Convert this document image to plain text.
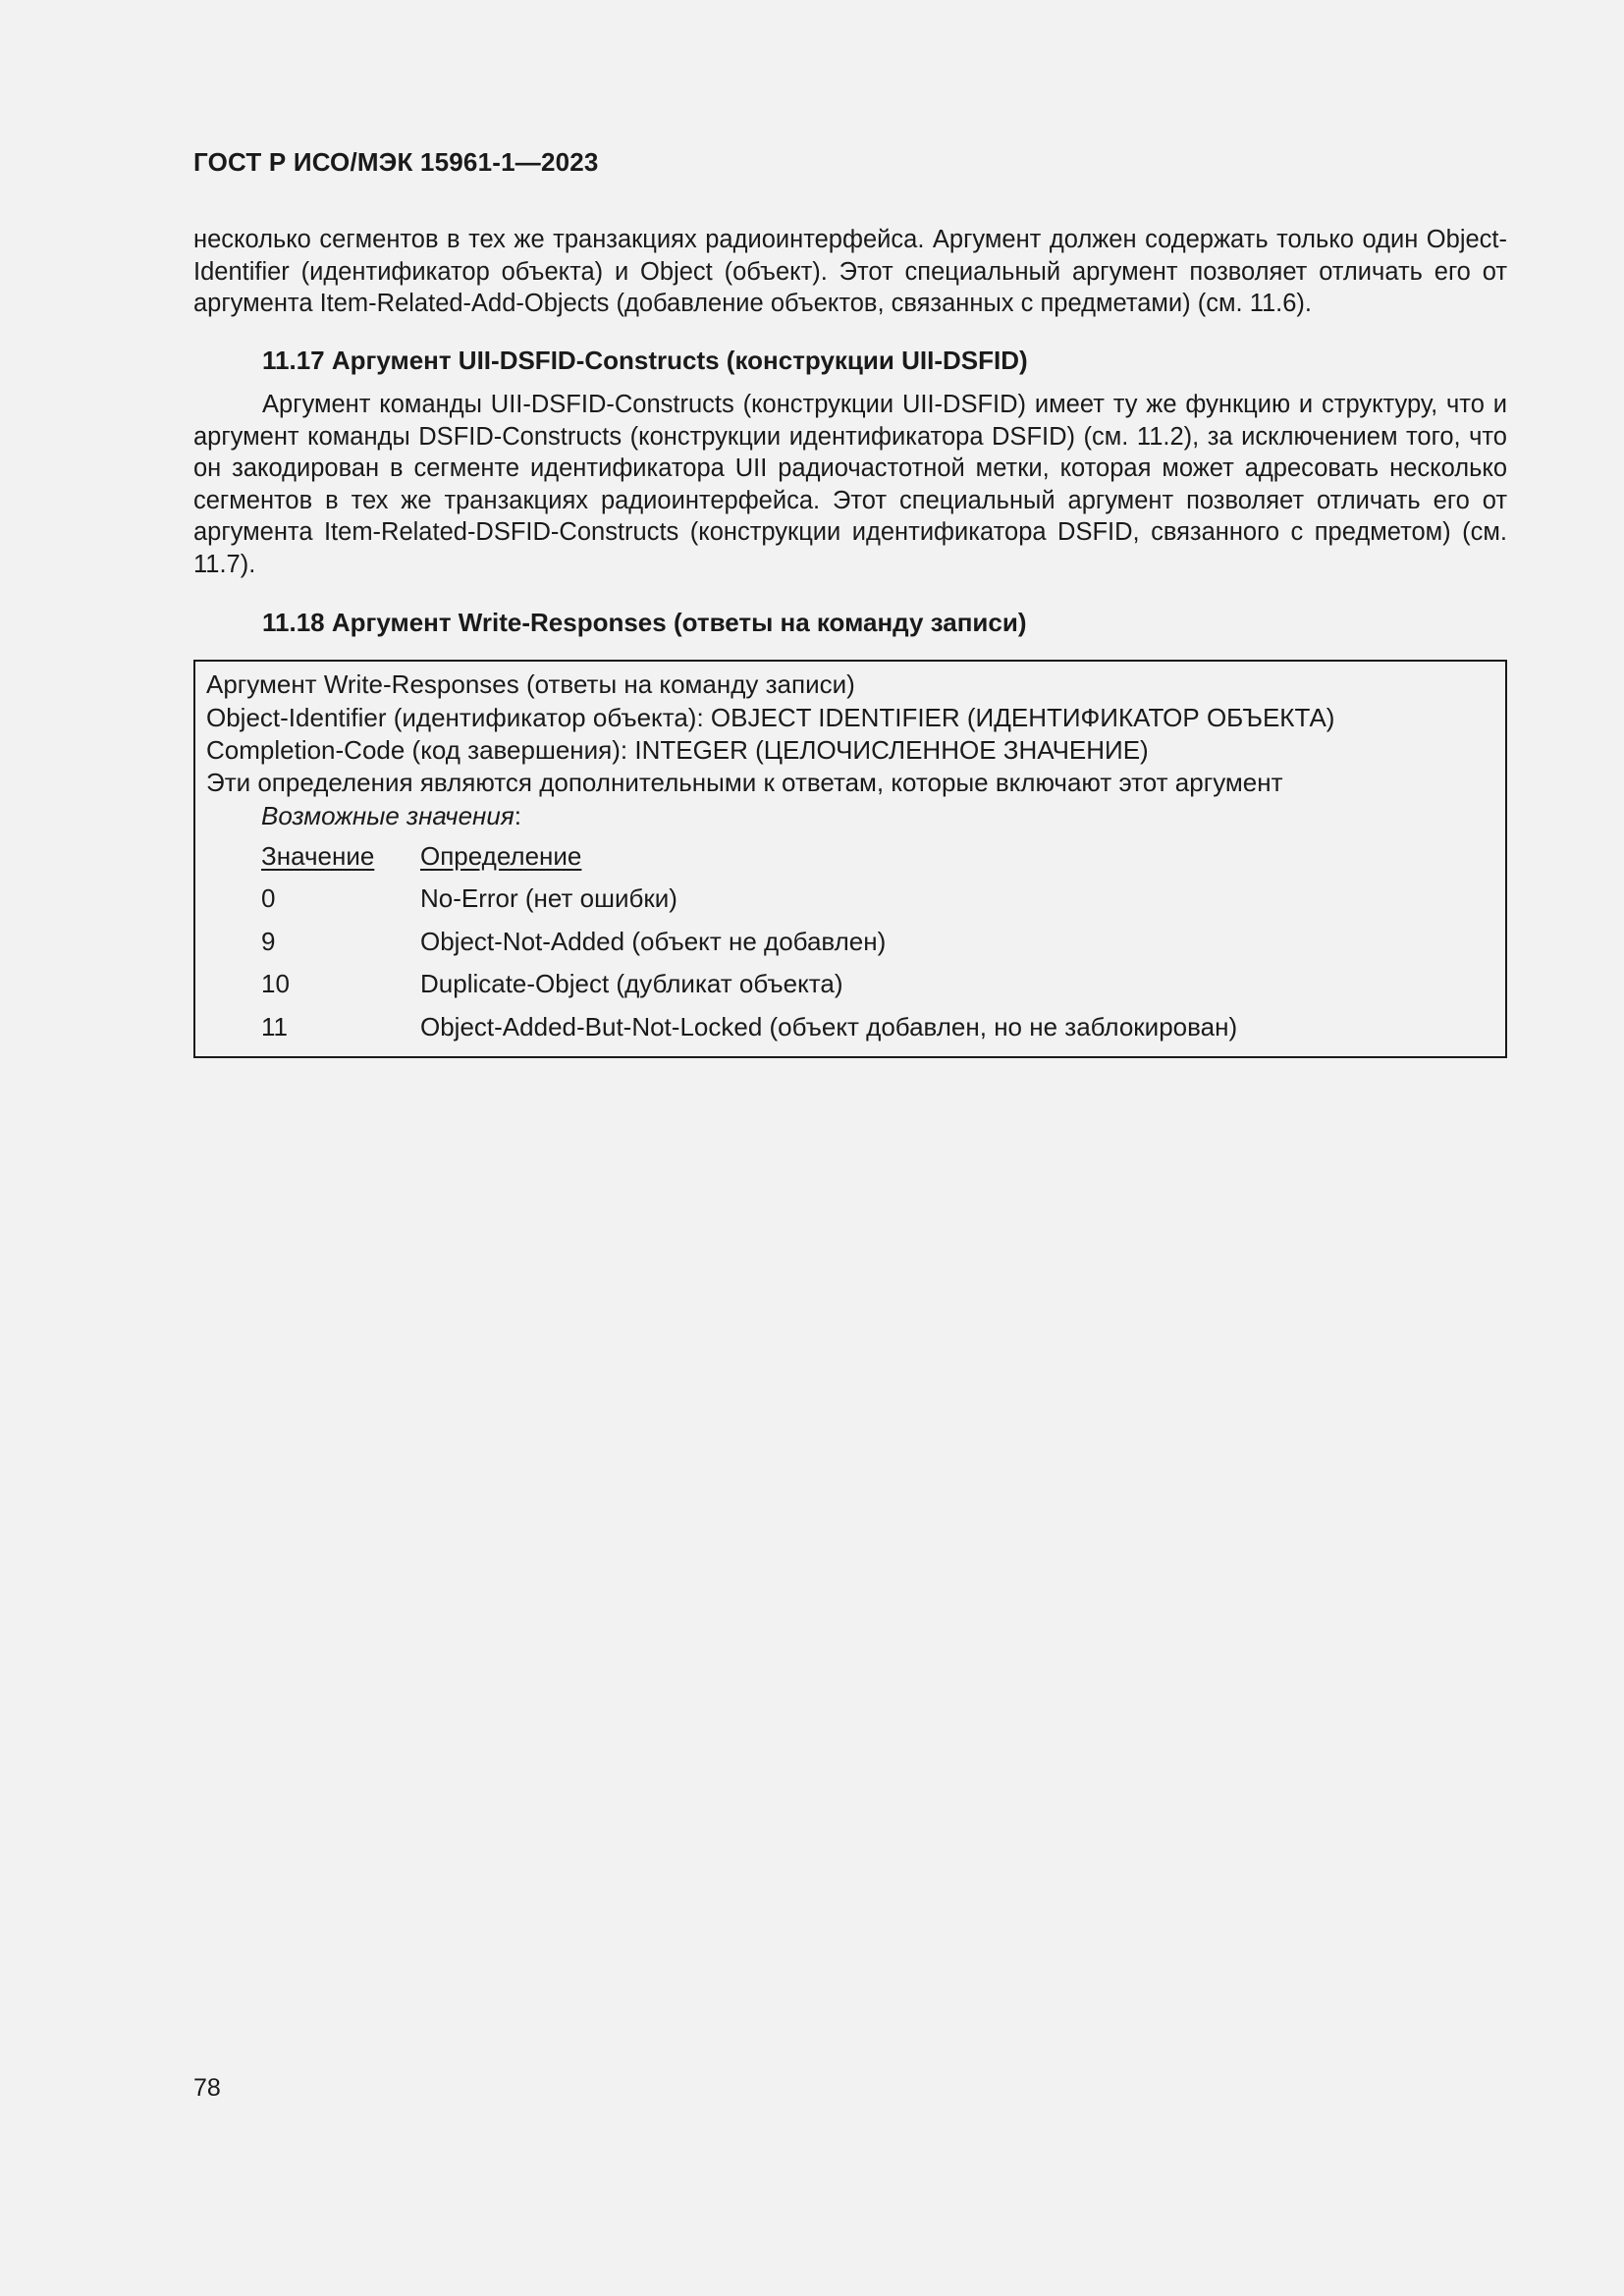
ГОСТ Р ИСО/МЭК 15961-1—2023

несколько сегментов в тех же транзакциях радиоинтерфейса. Аргумент должен содержать только один Object-Identifier (идентификатор объекта) и Object (объект). Этот специальный аргумент позволяет отличать его от аргумента Item-Related-Add-Objects (добавление объектов, связанных с предметами) (см. 11.6).

11.17 Аргумент UII-DSFID-Constructs (конструкции UII-DSFID)

Аргумент команды UII-DSFID-Constructs (конструкции UII-DSFID) имеет ту же функцию и структуру, что и аргумент команды DSFID-Constructs (конструкции идентификатора DSFID) (см. 11.2), за исключением того, что он закодирован в сегменте идентификатора UII радиочастотной метки, которая может адресовать несколько сегментов в тех же транзакциях радиоинтерфейса. Этот специальный аргумент позволяет отличать его от аргумента Item-Related-DSFID-Constructs (конструкции идентификатора DSFID, связанного с предметом) (см. 11.7).

11.18 Аргумент Write-Responses (ответы на команду записи)
Аргумент Write-Responses (ответы на команду записи)
Object-Identifier (идентификатор объекта): OBJECT IDENTIFIER (ИДЕНТИФИКАТОР ОБЪЕКТА)
Completion-Code (код завершения): INTEGER (ЦЕЛОЧИСЛЕННОЕ ЗНАЧЕНИЕ)
Эти определения являются дополнительными к ответам, которые включают этот аргумент
Возможные значения:
Значение Определение
0	No-Error (нет ошибки)
9	Object-Not-Added (объект не добавлен)
10	Duplicate-Object (дубликат объекта)
11	Object-Added-But-Not-Locked (объект добавлен, но не заблокирован)
78
